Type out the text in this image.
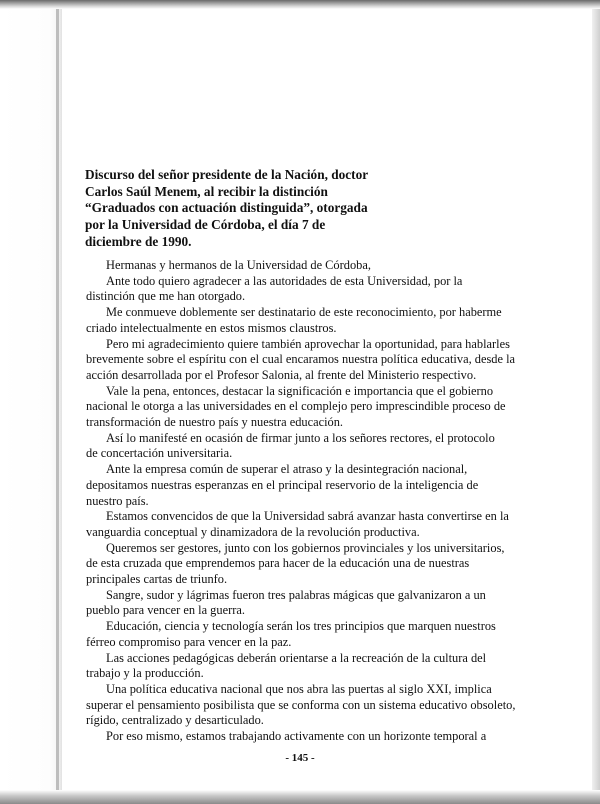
Discurso del señor presidente de la Nación, doctor
Carlos Saúl Menem, al recibir la distinción
“Graduados con actuación distinguida”, otorgada
por la Universidad de Córdoba, el día 7 de
diciembre de 1990.

Hermanas y hermanos de la Universidad de Córdoba,

Ante todo quiero agradecer a las autoridades de esta Universidad, por la
distinción que me han otorgado.

Me conmueve doblemente ser destinatario de este reconocimiento, por haberme
criado intelectualmente en estos mismos claustros.

Pero mi agradecimiento quiere también aprovechar la oportunidad, para hablarles
brevemente sobre el espíritu con el cual encaramos nuestra política educativa, desde la
acción desarrollada por el Profesor Salonia, al frente del Ministerio respectivo.

Vale la pena, entonces, destacar la significación e importancia que el gobierno
nacional le otorga a las universidades en el complejo pero imprescindible proceso de
transformación de nuestro país y nuestra educación.

Así lo manifesté en ocasión de firmar junto a los señores rectores, el protocolo
de concertación universitaria.

Ante la empresa común de superar el atraso y la desintegración nacional,
depositamos nuestras esperanzas en el principal reservorio de la inteligencia de
nuestro país.

Estamos convencidos de que la Universidad sabrá avanzar hasta convertirse en la
vanguardia conceptual y dinamizadora de la revolución productiva.

Queremos ser gestores, junto con los gobiernos provinciales y los universitarios,
de esta cruzada que emprendemos para hacer de la educación una de nuestras
principales cartas de triunfo.

Sangre, sudor y lágrimas fueron tres palabras mágicas que galvanizaron a un
pueblo para vencer en la guerra.

Educación, ciencia y tecnología serán los tres principios que marquen nuestros
férreo compromiso para vencer en la paz.

Las acciones pedagógicas deberán orientarse a la recreación de la cultura del
trabajo y la producción.

Una política educativa nacional que nos abra las puertas al siglo XXI, implica
superar el pensamiento posibilista que se conforma con un sistema educativo obsoleto,
rígido, centralizado y desarticulado.

Por eso mismo, estamos trabajando activamente con un horizonte temporal a

- 145 -
